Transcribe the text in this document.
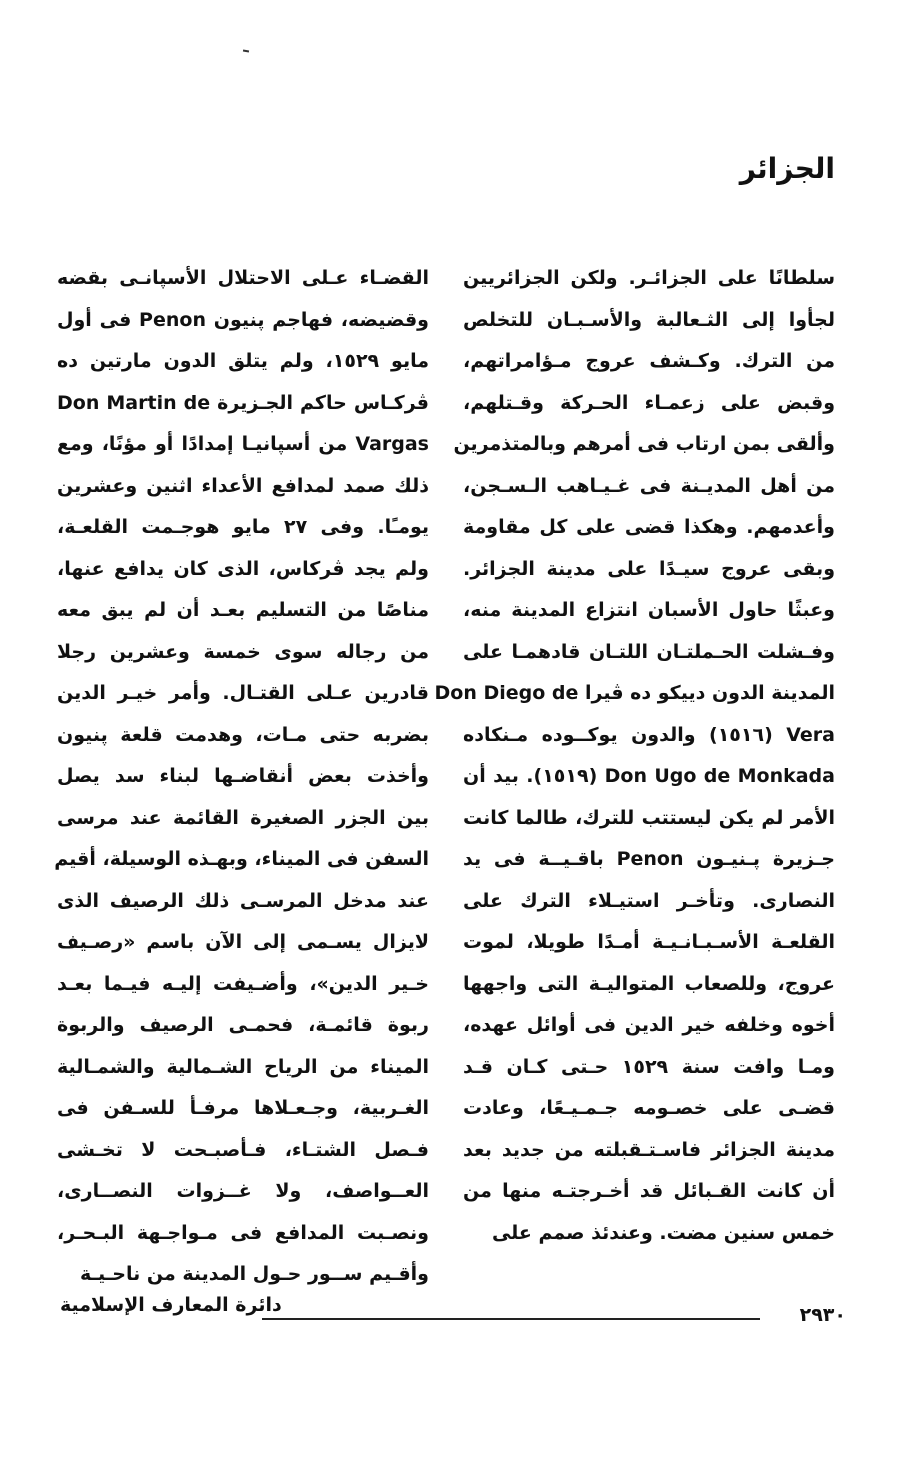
الجزائر
سلطانًا على الجزائـر. ولكن الجزائريين
لجأوا إلى الثـعالبة والأسـبـان للتخلص
من الترك. وكـشف عروج مـؤامراتهم،
وقبض على زعمـاء الحـركة وقـتلهم،
وألقى بمن ارتاب فى أمرهم وبالمتذمرين
من أهل المديـنة فى غـيـاهب الـسـجن،
وأعدمهم. وهكذا قضى على كل مقاومة
وبقى عروج سيـدًا على مدينة الجزائر.
وعبثًا حاول الأسبان انتزاع المدينة منه،
وفـشلت الحـملتـان اللتـان قادهمـا على
المدينة الدون دييكو ده ڤيرا Don Diego de
Vera (١٥١٦) والدون يوكــوده مـنكاده
Don Ugo de Monkada (١٥١٩). بيد أن
الأمر لم يكن ليستتب للترك، طالما كانت
جـزيرة پـنيـون Penon باقـيــة فى يد
النصارى. وتأخـر استيـلاء الترك على
القلعـة الأسـبـانـيـة أمـدًا طويلا، لموت
عروج، وللصعاب المتواليـة التى واجهها
أخوه وخلفه خير الدين فى أوائل عهده،
ومـا وافت سنة ١٥٢٩ حـتى كـان قـد
قضـى على خصـومه جـمـيـعًا، وعادت
مدينة الجزائر فاسـتـقبلته من جديد بعد
أن كانت القـبائل قد أخـرجتـه منها من
خمس سنين مضت. وعندئذ صمم على
القضـاء عـلى الاحتلال الأسپانـى بقضه
وقضيضه، فهاجم پنيون Penon فى أول
مايو ١٥٢٩، ولم يتلق الدون مارتين ده
ڤركـاس حاكم الجـزيرة Don Martin de
Vargas من أسپانيـا إمدادًا أو مؤنًا، ومع
ذلك صمد لمدافع الأعداء اثنين وعشرين
يومـًا. وفى ٢٧ مايو هوجـمت القلعـة،
ولم يجد ڤركاس، الذى كان يدافع عنها،
مناصًا من التسليم بعـد أن لم يبق معه
من رجاله سوى خمسة وعشرين رجلا
قادرين عـلى القتـال. وأمر خيـر الدين
بضربه حتى مـات، وهدمت قلعة پنيون
وأخذت بعض أنقاضـها لبناء سد يصل
بين الجزر الصغيرة القائمة عند مرسى
السفن فى الميناء، وبهـذه الوسيلة، أقيم
عند مدخل المرسـى ذلك الرصيف الذى
لايزال يسـمى إلى الآن باسم «رصـيف
خـير الدين»، وأضـيفت إليـه فيـما بعـد
ربوة قائمـة، فحمـى الرصيف والربوة
الميناء من الرياح الشـمالية والشمـالية
الغـربية، وجـعـلاها مرفـأ للسـفن فى
فـصل الشتـاء، فـأصبـحت لا تخـشى
العــواصف، ولا غــزوات النصــارى،
ونصـبت المدافع فى مـواجـهة البـحـر،
وأقـيم ســور حـول المدينة من ناحـيـة
دائرة المعارف الإسلامية	٢٩٣٠
